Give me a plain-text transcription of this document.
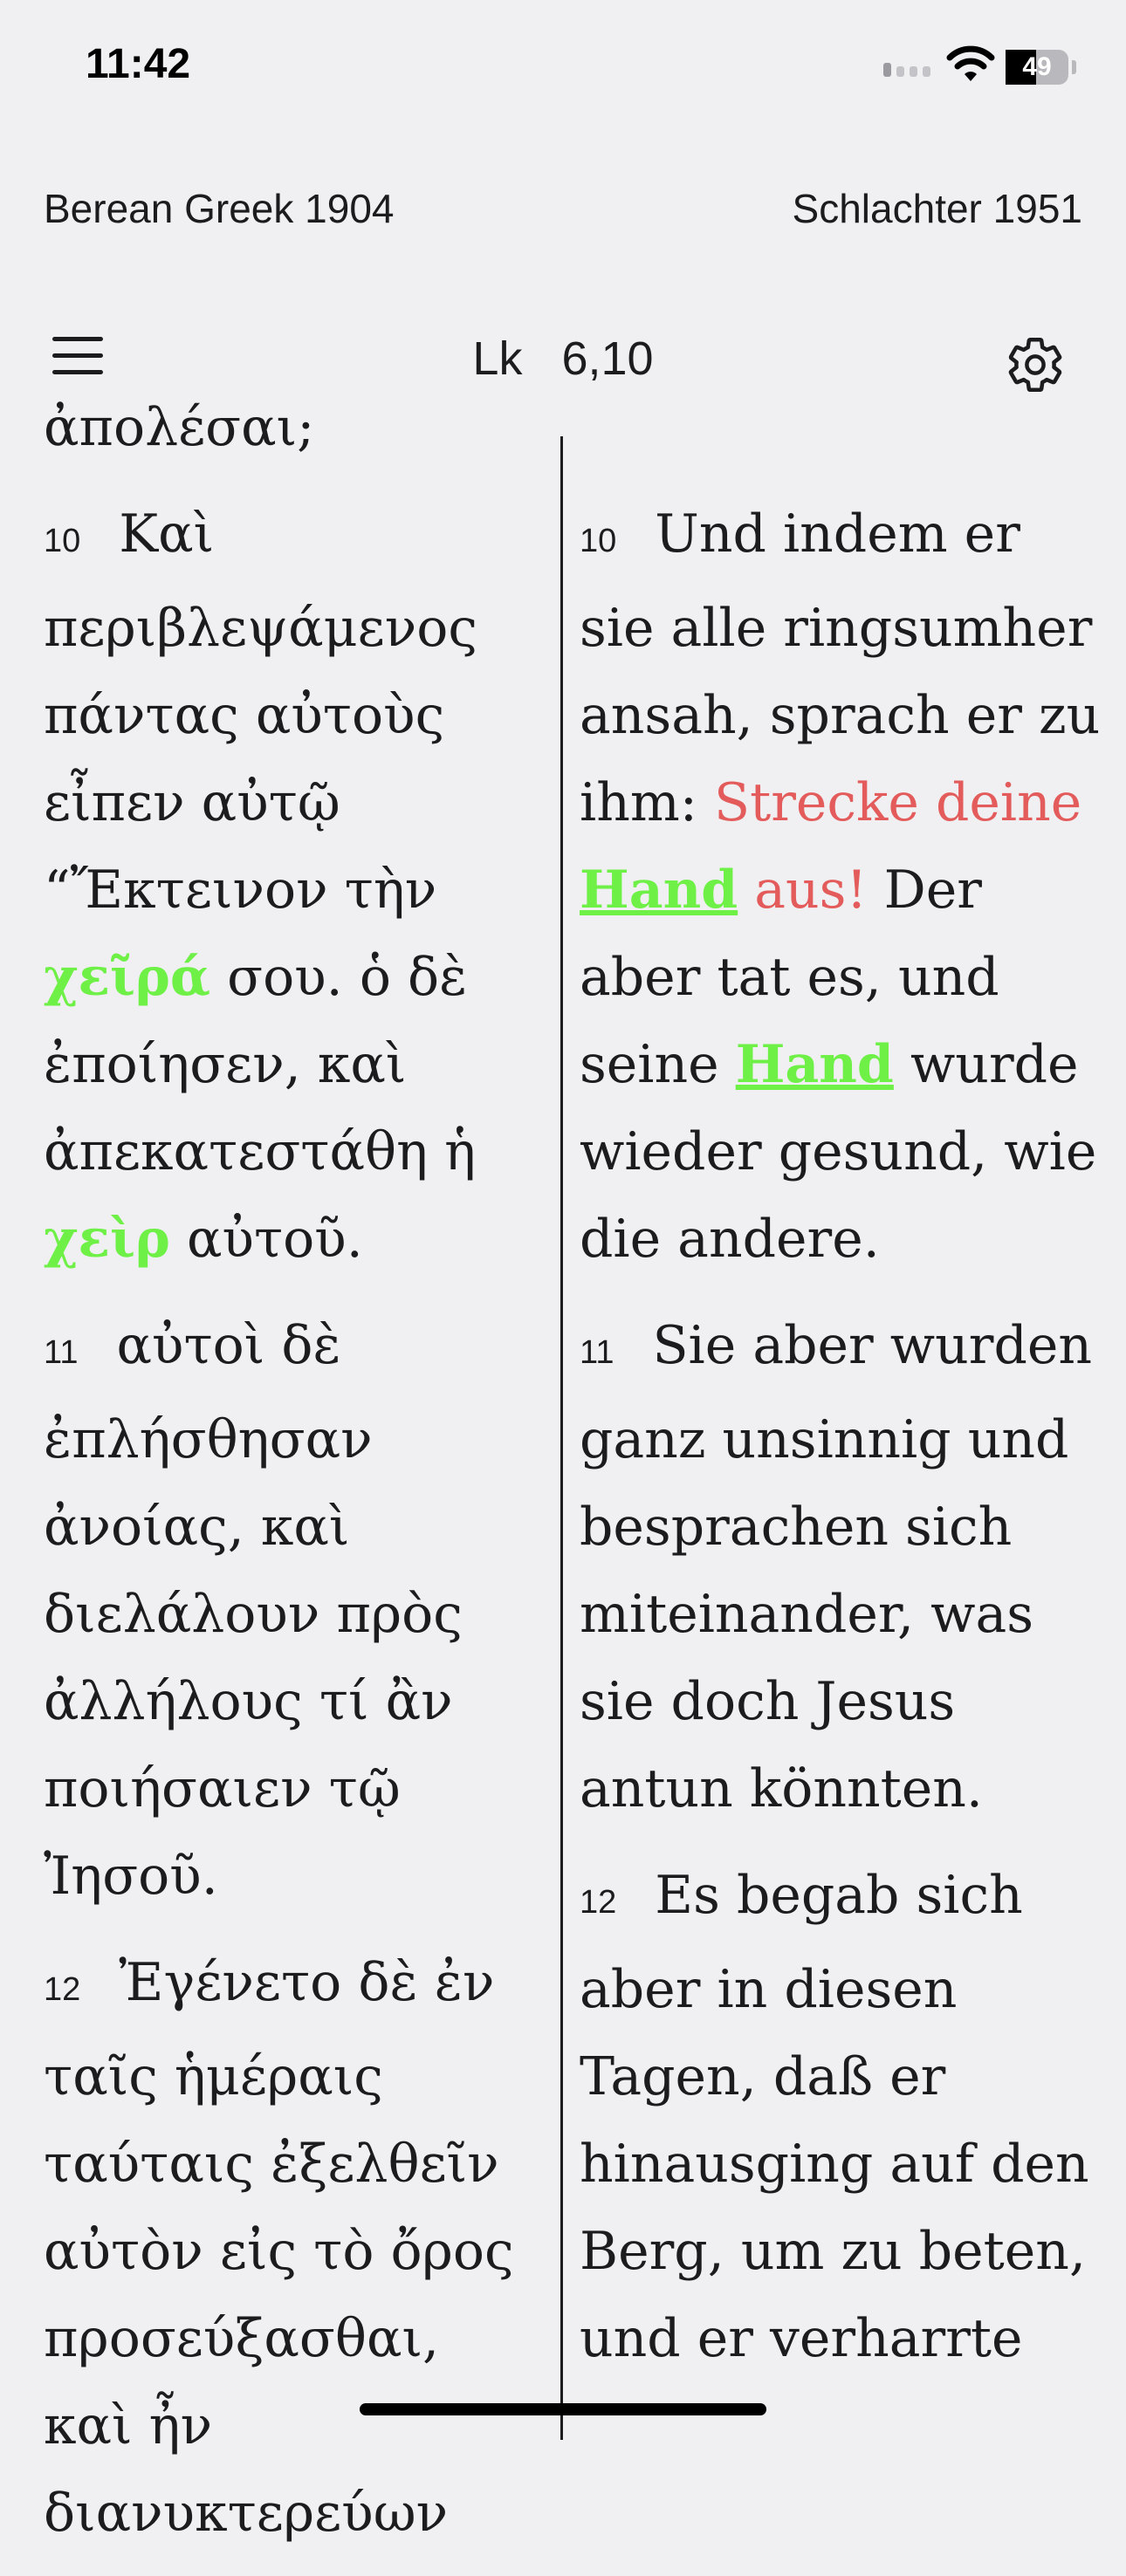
11:42	49
Berean Greek 1904	Schlachter 1951
Lk 6,10
ἀπολέσαι;
10 Καὶ περιβλεψάμενος πάντας αὐτοὺς εἶπεν αὐτῷ “Ἔκτεινον τὴν χεῖρά σου. ὁ δὲ ἐποίησεν, καὶ ἀπεκατεστάθη ἡ χεὶρ αὐτοῦ.
11 αὐτοὶ δὲ ἐπλήσθησαν ἀνοίας, καὶ διελάλουν πρὸς ἀλλήλους τί ἂν ποιήσαιεν τῷ Ἰησοῦ.
12 Ἐγένετο δὲ ἐν ταῖς ἡμέραις ταύταις ἐξελθεῖν αὐτὸν εἰς τὸ ὄρος προσεύξασθαι, καὶ ἦν διανυκτερεύων
10 Und indem er sie alle ringsumher ansah, sprach er zu ihm: Strecke deine Hand aus! Der aber tat es, und seine Hand wurde wieder gesund, wie die andere.
11 Sie aber wurden ganz unsinnig und besprachen sich miteinander, was sie doch Jesus antun könnten.
12 Es begab sich aber in diesen Tagen, daß er hinausging auf den Berg, um zu beten, und er verharrte
